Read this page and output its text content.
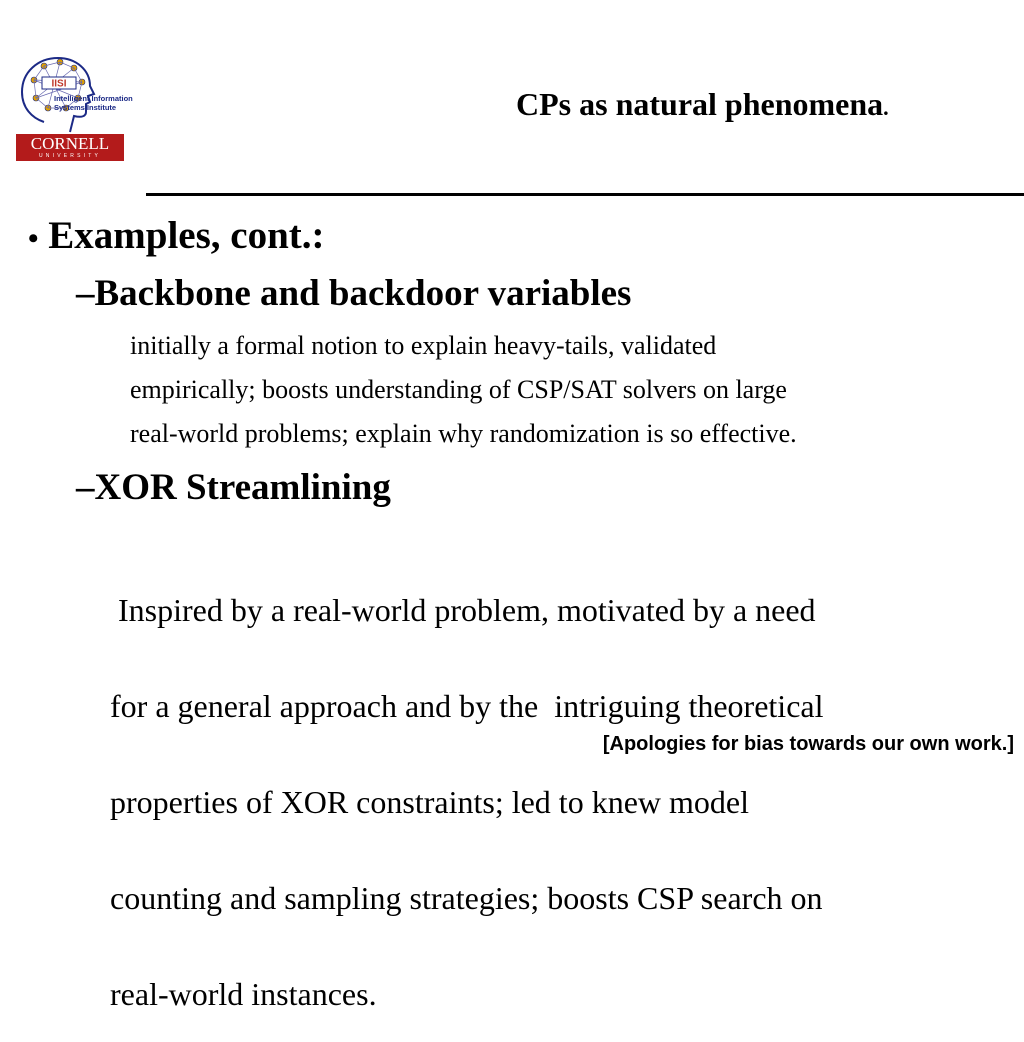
IISI
Intelligent Information
Systems Institute
CORNELL
UNIVERSITY
CPs as natural phenomena.
• Examples, cont.:
–Backbone and backdoor variables
initially a formal notion to explain heavy-tails, validated
empirically; boosts understanding of CSP/SAT solvers on large
real-world problems; explain why randomization is so effective.
–XOR Streamlining

Inspired by a real-world problem, motivated by a need

for a general approach and by the  intriguing theoretical

properties of XOR constraints; led to knew model

counting and sampling strategies; boosts CSP search on

real-world instances.

[Apologies for bias towards our own work.]
